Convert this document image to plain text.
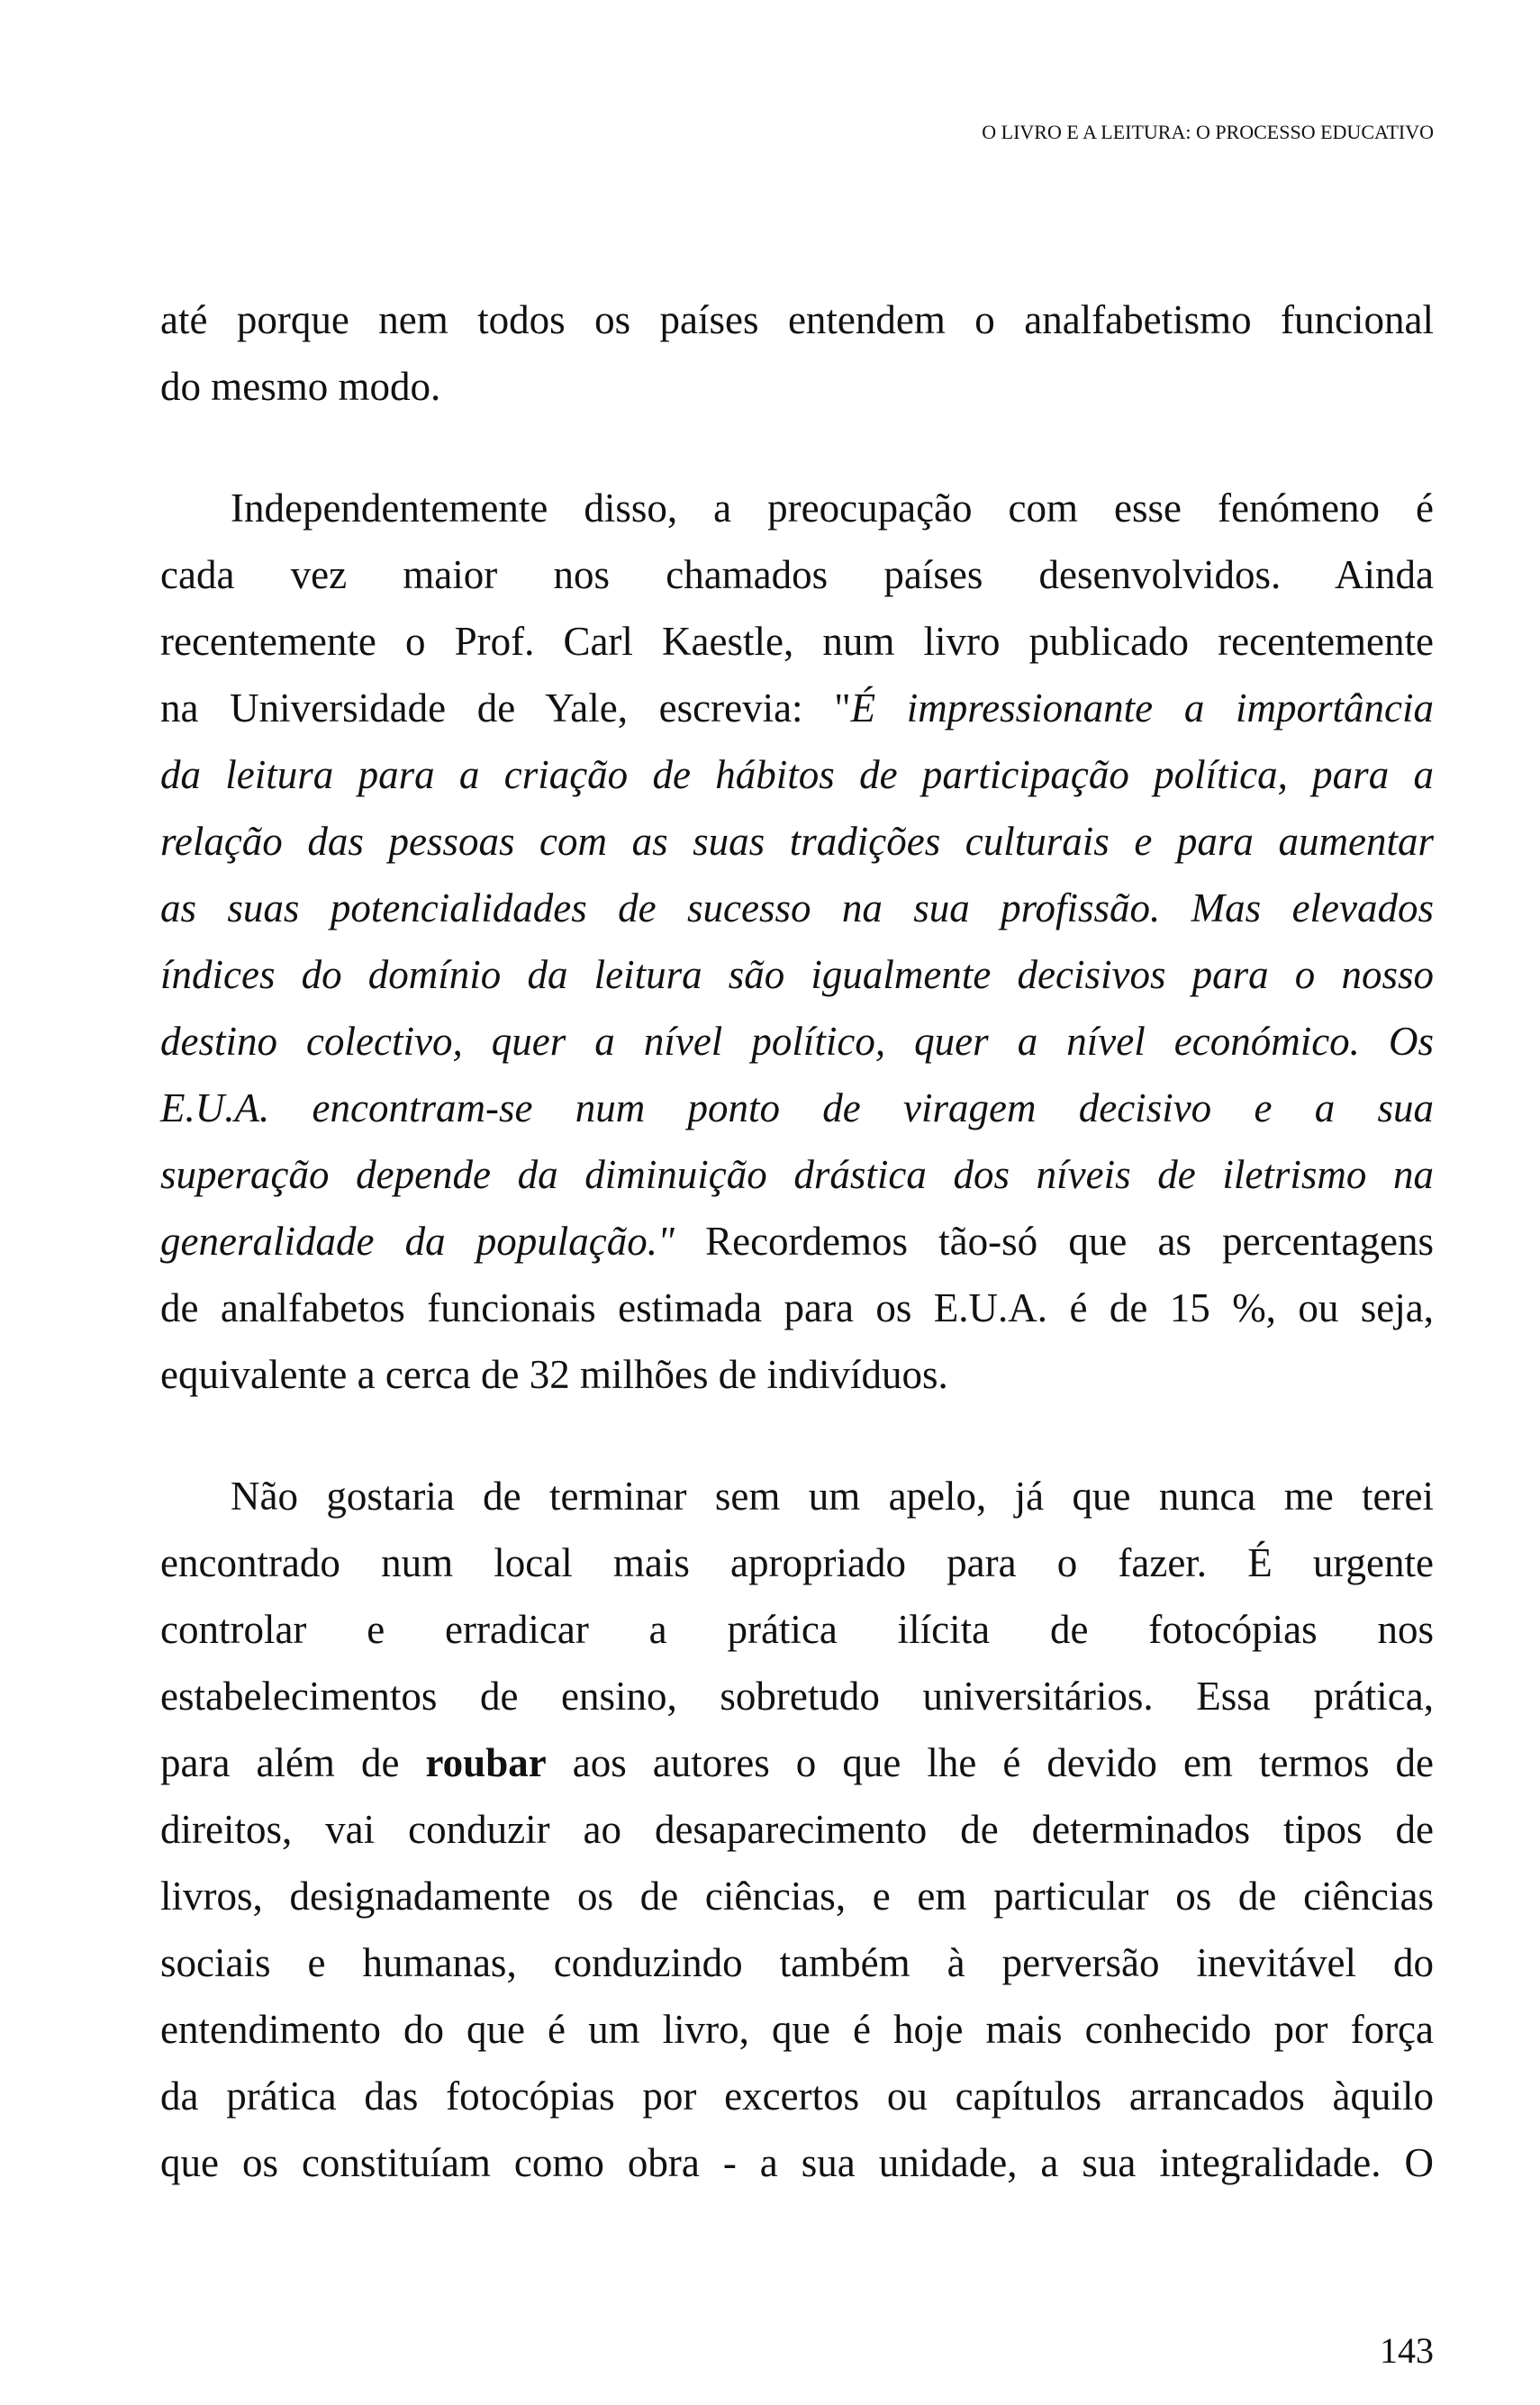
O LIVRO E A LEITURA: O PROCESSO EDUCATIVO
até porque nem todos os países entendem o analfabetismo funcional
do mesmo modo.
Independentemente disso, a preocupação com esse fenómeno é
cada vez maior nos chamados países desenvolvidos. Ainda
recentemente o Prof. Carl Kaestle, num livro publicado recentemente
na Universidade de Yale, escrevia: "É impressionante a importância
da leitura para a criação de hábitos de participação política, para a
relação das pessoas com as suas tradições culturais e para aumentar
as suas potencialidades de sucesso na sua profissão. Mas elevados
índices do domínio da leitura são igualmente decisivos para o nosso
destino colectivo, quer a nível político, quer a nível económico. Os
E.U.A. encontram-se num ponto de viragem decisivo e a sua
superação depende da diminuição drástica dos níveis de iletrismo na
generalidade da população." Recordemos tão-só que as percentagens
de analfabetos funcionais estimada para os E.U.A. é de 15 %, ou seja,
equivalente a cerca de 32 milhões de indivíduos.
Não gostaria de terminar sem um apelo, já que nunca me terei
encontrado num local mais apropriado para o fazer. É urgente
controlar e erradicar a prática ilícita de fotocópias nos
estabelecimentos de ensino, sobretudo universitários. Essa prática,
para além de roubar aos autores o que lhe é devido em termos de
direitos, vai conduzir ao desaparecimento de determinados tipos de
livros, designadamente os de ciências, e em particular os de ciências
sociais e humanas, conduzindo também à perversão inevitável do
entendimento do que é um livro, que é hoje mais conhecido por força
da prática das fotocópias por excertos ou capítulos arrancados àquilo
que os constituíam como obra - a sua unidade, a sua integralidade. O
143
